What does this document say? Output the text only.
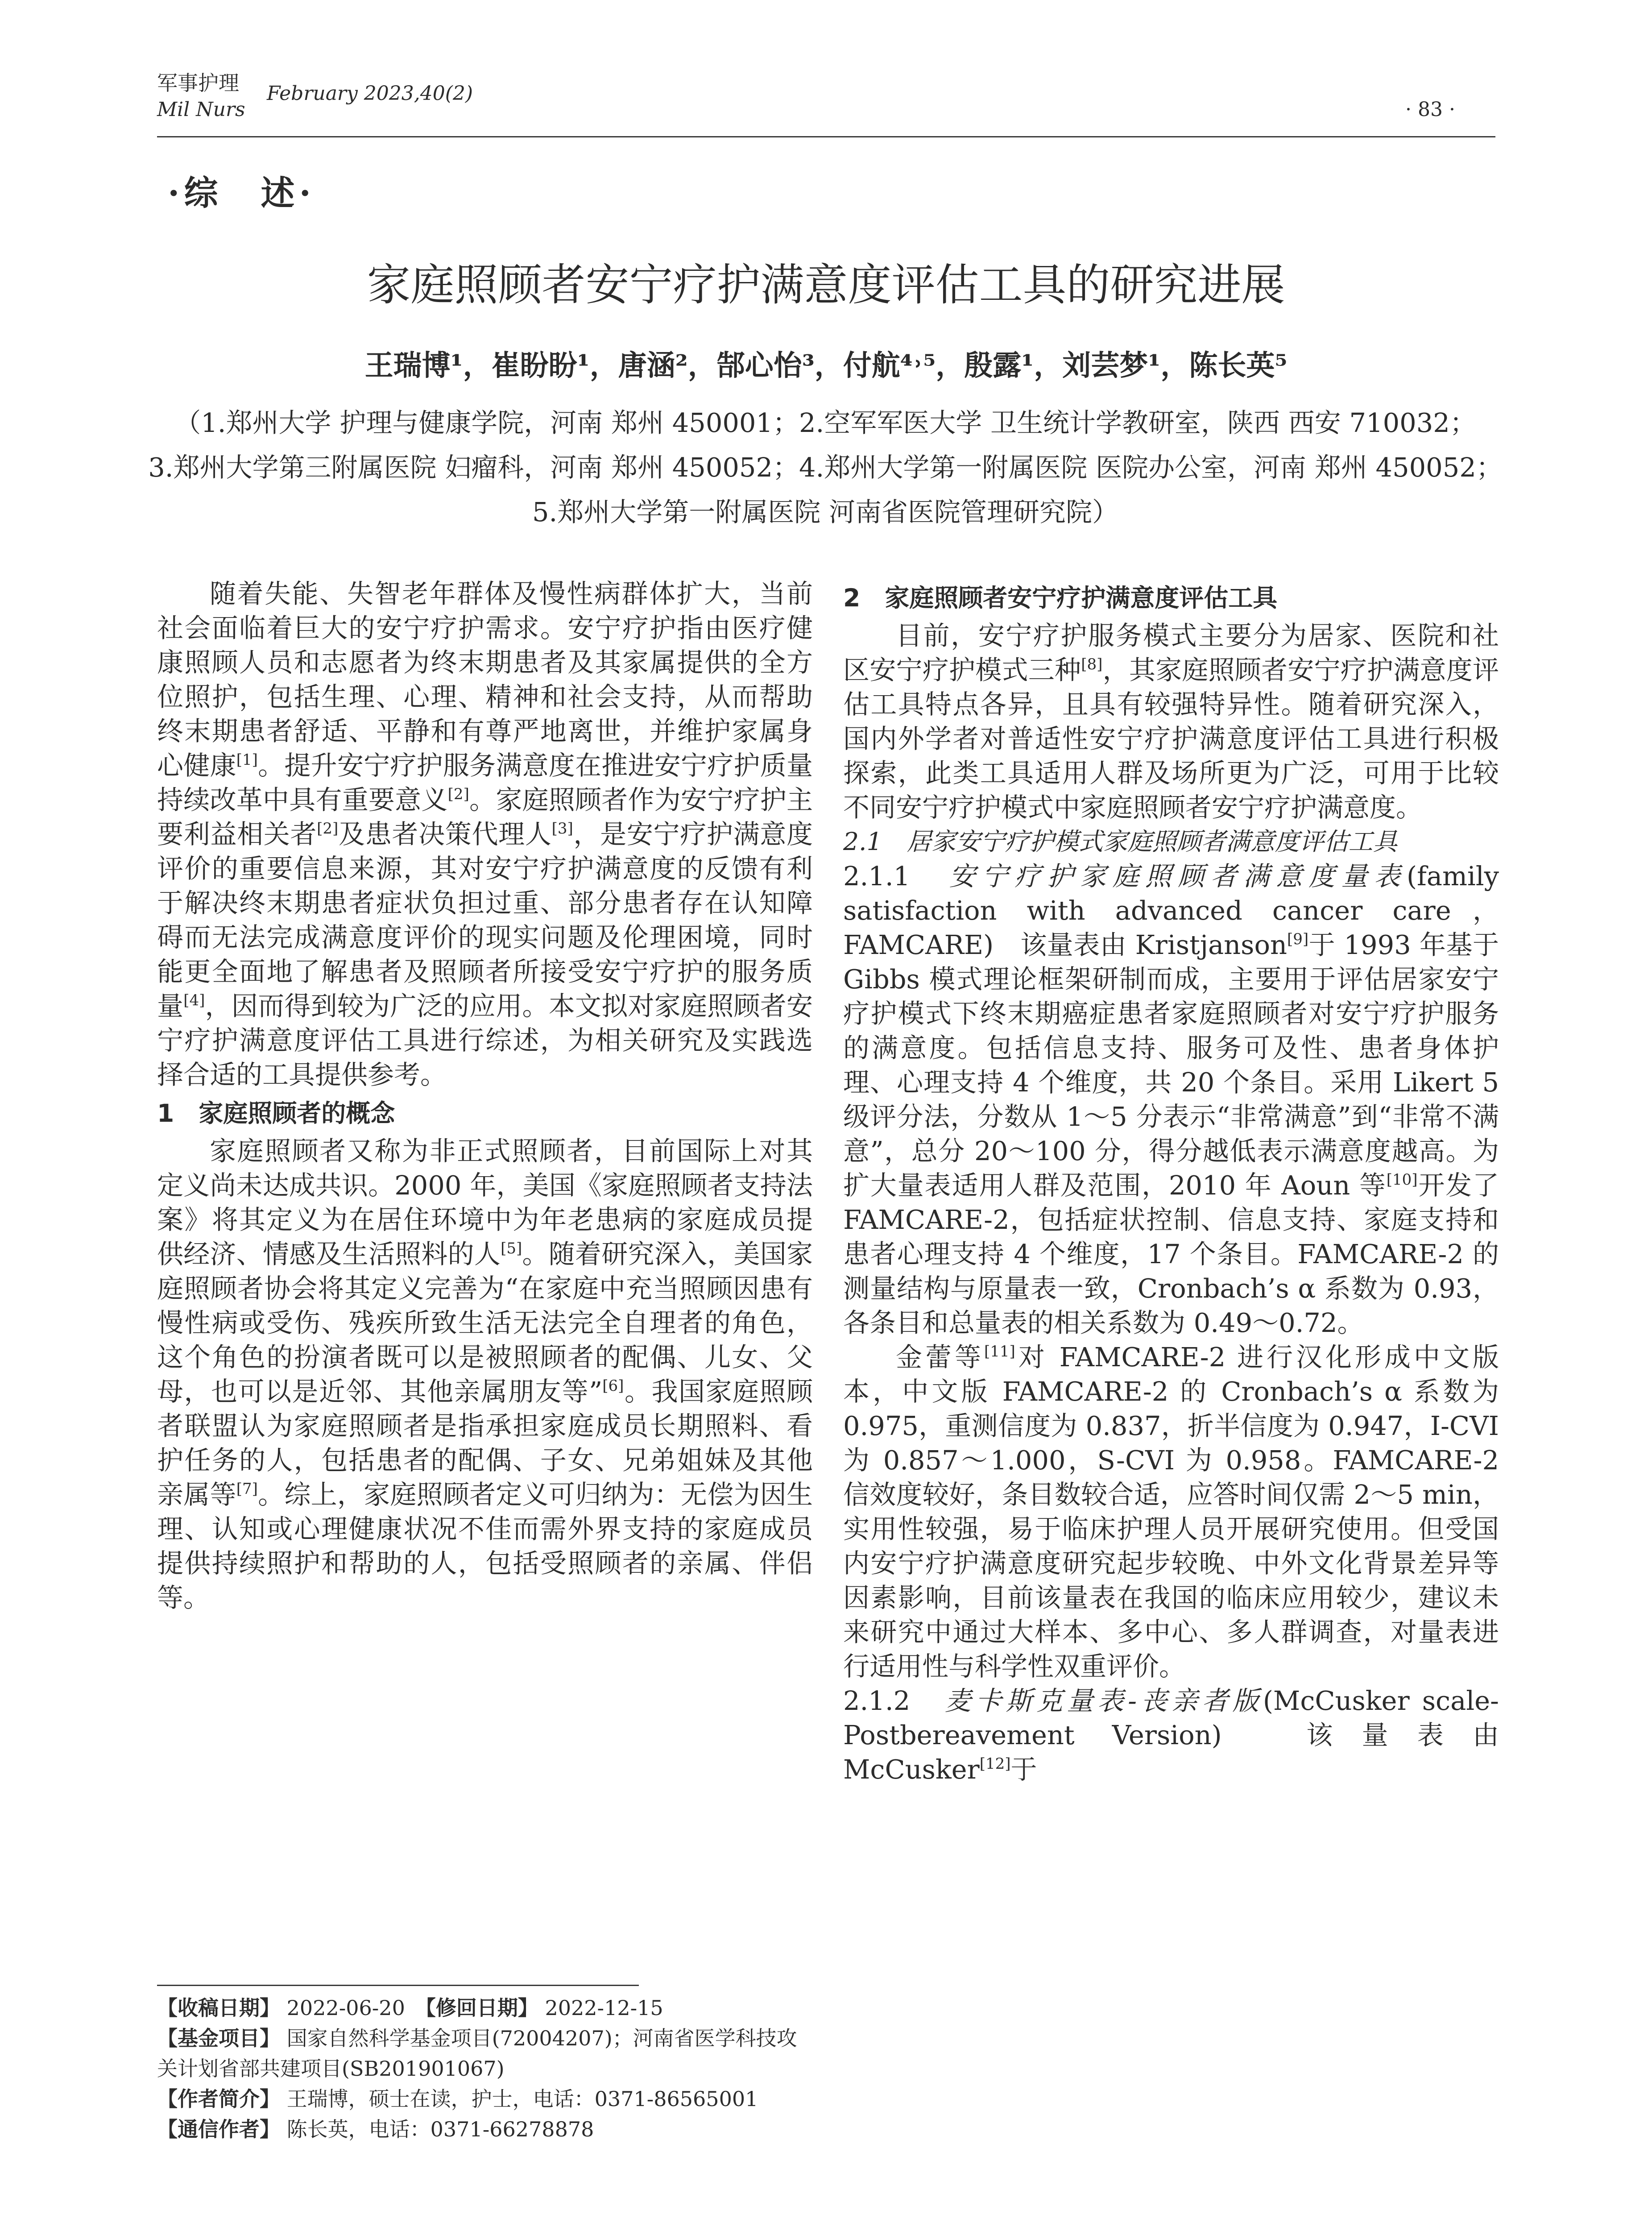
军事护理
Mil Nurs
February 2023,40(2)
· 83 ·
·综　述·
家庭照顾者安宁疗护满意度评估工具的研究进展
王瑞博¹，崔盼盼¹，唐涵²，郜心怡³，付航⁴˒⁵，殷露¹，刘芸梦¹，陈长英⁵
（1.郑州大学 护理与健康学院，河南 郑州 450001；2.空军军医大学 卫生统计学教研室，陕西 西安 710032；
3.郑州大学第三附属医院 妇瘤科，河南 郑州 450052；4.郑州大学第一附属医院 医院办公室，河南 郑州 450052；
5.郑州大学第一附属医院 河南省医院管理研究院）

随着失能、失智老年群体及慢性病群体扩大，当前社会面临着巨大的安宁疗护需求。安宁疗护指由医疗健康照顾人员和志愿者为终末期患者及其家属提供的全方位照护，包括生理、心理、精神和社会支持，从而帮助终末期患者舒适、平静和有尊严地离世，并维护家属身心健康[1]。提升安宁疗护服务满意度在推进安宁疗护质量持续改革中具有重要意义[2]。家庭照顾者作为安宁疗护主要利益相关者[2]及患者决策代理人[3]，是安宁疗护满意度评价的重要信息来源，其对安宁疗护满意度的反馈有利于解决终末期患者症状负担过重、部分患者存在认知障碍而无法完成满意度评价的现实问题及伦理困境，同时能更全面地了解患者及照顾者所接受安宁疗护的服务质量[4]，因而得到较为广泛的应用。本文拟对家庭照顾者安宁疗护满意度评估工具进行综述，为相关研究及实践选择合适的工具提供参考。

1　家庭照顾者的概念

家庭照顾者又称为非正式照顾者，目前国际上对其定义尚未达成共识。2000 年，美国《家庭照顾者支持法案》将其定义为在居住环境中为年老患病的家庭成员提供经济、情感及生活照料的人[5]。随着研究深入，美国家庭照顾者协会将其定义完善为“在家庭中充当照顾因患有慢性病或受伤、残疾所致生活无法完全自理者的角色，这个角色的扮演者既可以是被照顾者的配偶、儿女、父母，也可以是近邻、其他亲属朋友等”[6]。我国家庭照顾者联盟认为家庭照顾者是指承担家庭成员长期照料、看护任务的人，包括患者的配偶、子女、兄弟姐妹及其他亲属等[7]。综上，家庭照顾者定义可归纳为：无偿为因生理、认知或心理健康状况不佳而需外界支持的家庭成员提供持续照护和帮助的人，包括受照顾者的亲属、伴侣等。

2　家庭照顾者安宁疗护满意度评估工具

目前，安宁疗护服务模式主要分为居家、医院和社区安宁疗护模式三种[8]，其家庭照顾者安宁疗护满意度评估工具特点各异，且具有较强特异性。随着研究深入，国内外学者对普适性安宁疗护满意度评估工具进行积极探索，此类工具适用人群及场所更为广泛，可用于比较不同安宁疗护模式中家庭照顾者安宁疗护满意度。

2.1　居家安宁疗护模式家庭照顾者满意度评估工具

2.1.1　安宁疗护家庭照顾者满意度量表(family satisfaction with advanced cancer care，FAMCARE)　该量表由 Kristjanson[9]于 1993 年基于 Gibbs 模式理论框架研制而成，主要用于评估居家安宁疗护模式下终末期癌症患者家庭照顾者对安宁疗护服务的满意度。包括信息支持、服务可及性、患者身体护理、心理支持 4 个维度，共 20 个条目。采用 Likert 5 级评分法，分数从 1～5 分表示“非常满意”到“非常不满意”，总分 20～100 分，得分越低表示满意度越高。为扩大量表适用人群及范围，2010 年 Aoun 等[10]开发了 FAMCARE-2，包括症状控制、信息支持、家庭支持和患者心理支持 4 个维度，17 个条目。FAMCARE-2 的测量结构与原量表一致，Cronbach’s α 系数为 0.93，各条目和总量表的相关系数为 0.49～0.72。

金蕾等[11]对 FAMCARE-2 进行汉化形成中文版本，中文版 FAMCARE-2 的 Cronbach’s α 系数为 0.975，重测信度为 0.837，折半信度为 0.947，I-CVI 为 0.857～1.000，S-CVI 为 0.958。FAMCARE-2 信效度较好，条目数较合适，应答时间仅需 2～5 min，实用性较强，易于临床护理人员开展研究使用。但受国内安宁疗护满意度研究起步较晚、中外文化背景差异等因素影响，目前该量表在我国的临床应用较少，建议未来研究中通过大样本、多中心、多人群调查，对量表进行适用性与科学性双重评价。

2.1.2　麦卡斯克量表-丧亲者版(McCusker scale-Postbereavement Version)　该量表由 McCusker[12]于

【收稿日期】 2022-06-20　 【修回日期】 2022-12-15
【基金项目】 国家自然科学基金项目(72004207)；河南省医学科技攻关计划省部共建项目(SB201901067)
【作者简介】 王瑞博，硕士在读，护士，电话：0371-86565001
【通信作者】 陈长英，电话：0371-66278878
